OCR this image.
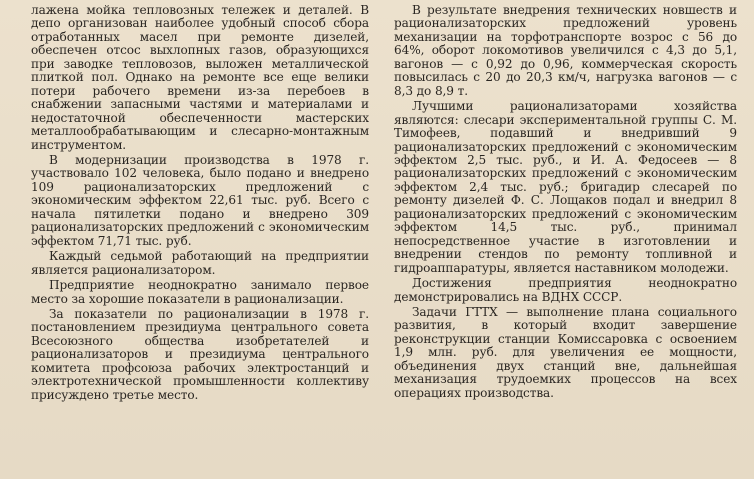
лажена мойка тепловозных тележек и деталей. В депо организован наиболее удобный способ сбора отработанных масел при ремонте дизелей, обеспечен отсос выхлопных газов, образующихся при заводке тепловозов, выложен металлической плиткой пол. Однако на ремонте все еще велики потери рабочего времени из-за перебоев в снабжении запасными частями и материалами и недостаточной обеспеченности мастерских металлообрабатывающим и слесарно-монтажным инструментом.

В модернизации производства в 1978 г. участвовало 102 человека, было подано и внедрено 109 рационализаторских предложений с экономическим эффектом 22,61 тыс. руб. Всего с начала пятилетки подано и внедрено 309 рационализаторских предложений с экономическим эффектом 71,71 тыс. руб.

Каждый седьмой работающий на предприятии является рационализатором.

Предприятие неоднократно занимало первое место за хорошие показатели в рационализации.

За показатели по рационализации в 1978 г. постановлением президиума центрального совета Всесоюзного общества изобретателей и рационализаторов и президиума центрального комитета профсоюза рабочих электростанций и электротехнической промышленности коллективу присуждено третье место.

В результате внедрения технических новшеств и рационализаторских предложений уровень механизации на торфотранспорте возрос с 56 до 64%, оборот локомотивов увеличился с 4,3 до 5,1, вагонов — с 0,92 до 0,96, коммерческая скорость повысилась с 20 до 20,3 км/ч, нагрузка вагонов — с 8,3 до 8,9 т.

Лучшими рационализаторами хозяйства являются: слесари экспериментальной группы С. М. Тимофеев, подавший и внедривший 9 рационализаторских предложений с экономическим эффектом 2,5 тыс. руб., и И. А. Федосеев — 8 рационализаторских предложений с экономическим эффектом 2,4 тыс. руб.; бригадир слесарей по ремонту дизелей Ф. С. Лощаков подал и внедрил 8 рационализаторских предложений с экономическим эффектом 14,5 тыс. руб., принимал непосредственное участие в изготовлении и внедрении стендов по ремонту топливной и гидроаппаратуры, является наставником молодежи.

Достижения предприятия неоднократно демонстрировались на ВДНХ СССР.

Задачи ГТТХ — выполнение плана социального развития, в который входит завершение реконструкции станции Комиссаровка с освоением 1,9 млн. руб. для увеличения ее мощности, объединения двух станций вне, дальнейшая механизация трудоемких процессов на всех операциях производства.
